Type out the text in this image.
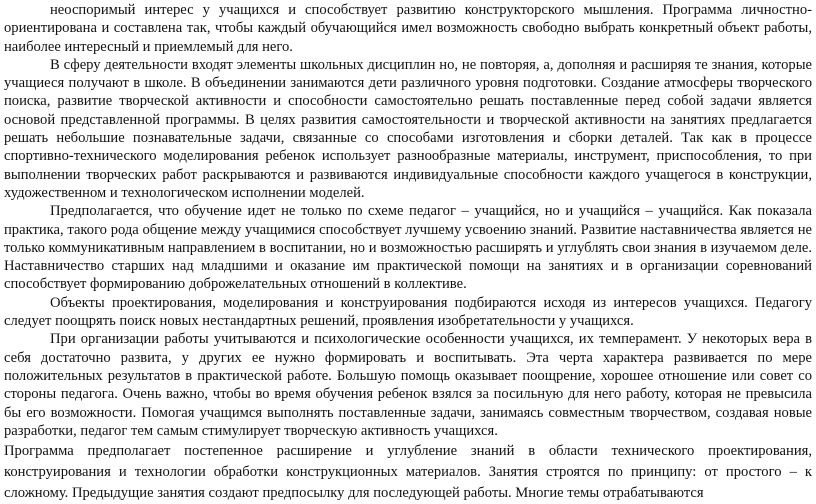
неоспоримый интерес у учащихся и способствует развитию конструкторского мышления. Программа личностно-ориентирована и составлена так, чтобы каждый обучающийся имел возможность свободно выбрать конкретный объект работы, наиболее интересный и приемлемый для него.

В сферу деятельности входят элементы школьных дисциплин но, не повторяя, а, дополняя и расширяя те знания, которые учащиеся получают в школе. В объединении занимаются дети различного уровня подготовки. Создание атмосферы творческого поиска, развитие творческой активности и способности самостоятельно решать поставленные перед собой задачи является основой представленной программы. В целях развития самостоятельности и творческой активности на занятиях предлагается решать небольшие познавательные задачи, связанные со способами изготовления и сборки деталей. Так как в процессе спортивно-технического моделирования ребенок использует разнообразные материалы, инструмент, приспособления, то при выполнении творческих работ раскрываются и развиваются индивидуальные способности каждого учащегося в конструкции, художественном и технологическом исполнении моделей.

Предполагается, что обучение идет не только по схеме педагог – учащийся, но и учащийся – учащийся. Как показала практика, такого рода общение между учащимися способствует лучшему усвоению знаний. Развитие наставничества является не только коммуникативным направлением в воспитании, но и возможностью расширять и углублять свои знания в изучаемом деле. Наставничество старших над младшими и оказание им практической помощи на занятиях и в организации соревнований способствует формированию доброжелательных отношений в коллективе.

Объекты проектирования, моделирования и конструирования подбираются исходя из интересов учащихся. Педагогу следует поощрять поиск новых нестандартных решений, проявления изобретательности у учащихся.

При организации работы учитываются и психологические особенности учащихся, их темперамент. У некоторых вера в себя достаточно развита, у других ее нужно формировать и воспитывать. Эта черта характера развивается по мере положительных результатов в практической работе. Большую помощь оказывает поощрение, хорошее отношение или совет со стороны педагога. Очень важно, чтобы во время обучения ребенок взялся за посильную для него работу, которая не превысила бы его возможности. Помогая учащимся выполнять поставленные задачи, занимаясь совместным творчеством, создавая новые разработки, педагог тем самым стимулирует творческую активность учащихся.

Программа предполагает постепенное расширение и углубление знаний в области технического проектирования, конструирования и технологии обработки конструкционных материалов. Занятия строятся по принципу: от простого – к сложному. Предыдущие занятия создают предпосылку для последующей работы. Многие темы отрабатываются
